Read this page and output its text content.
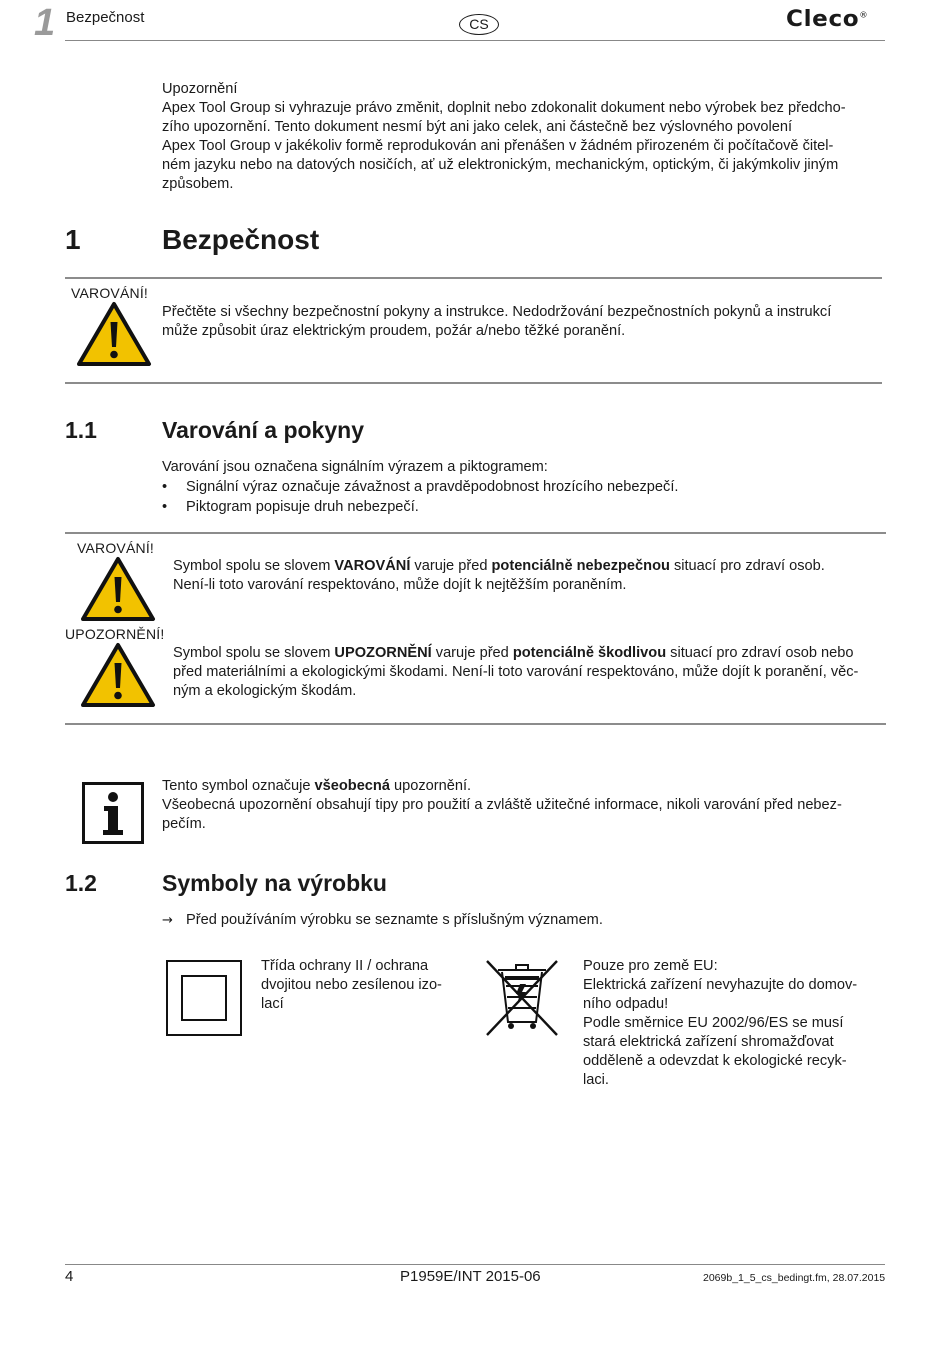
1 Bezpečnost	CS	Cleco®
Upozornění
Apex Tool Group si vyhrazuje právo změnit, doplnit nebo zdokonalit dokument nebo výrobek bez předcho-
zího upozornění. Tento dokument nesmí být ani jako celek, ani částečně bez výslovného povolení
Apex Tool Group v jakékoliv formě reprodukován ani přenášen v žádném přirozeném či počítačově čitel-
ném jazyku nebo na datových nosičích, ať už elektronickým, mechanickým, optickým, či jakýmkoliv jiným
způsobem.
1	Bezpečnost
VAROVÁNÍ!
Přečtěte si všechny bezpečnostní pokyny a instrukce. Nedodržování bezpečnostních pokynů a instrukcí
může způsobit úraz elektrickým proudem, požár a/nebo těžké poranění.
1.1	Varování a pokyny
Varování jsou označena signálním výrazem a piktogramem:
• Signální výraz označuje závažnost a pravděpodobnost hrozícího nebezpečí.
• Piktogram popisuje druh nebezpečí.
VAROVÁNÍ!
Symbol spolu se slovem VAROVÁNÍ varuje před potenciálně nebezpečnou situací pro zdraví osob.
Není-li toto varování respektováno, může dojít k nejtěžším poraněním.
UPOZORNĚNÍ!
Symbol spolu se slovem UPOZORNĚNÍ varuje před potenciálně škodlivou situací pro zdraví osob nebo
před materiálními a ekologickými škodami. Není-li toto varování respektováno, může dojít k poranění, věc-
ným a ekologickým škodám.
Tento symbol označuje všeobecná upozornění.
Všeobecná upozornění obsahují tipy pro použití a zvláště užitečné informace, nikoli varování před nebez-
pečím.
1.2	Symboly na výrobku
→ Před používáním výrobku se seznamte s příslušným významem.
Třída ochrany II / ochrana
dvojitou nebo zesílenou izo-
lací
Pouze pro země EU:
Elektrická zařízení nevyhazujte do domov-
ního odpadu!
Podle směrnice EU 2002/96/ES se musí
stará elektrická zařízení shromažďovat
odděleně a odevzdat k ekologické recyk-
laci.
4	P1959E/INT 2015-06	2069b_1_5_cs_bedingt.fm, 28.07.2015
